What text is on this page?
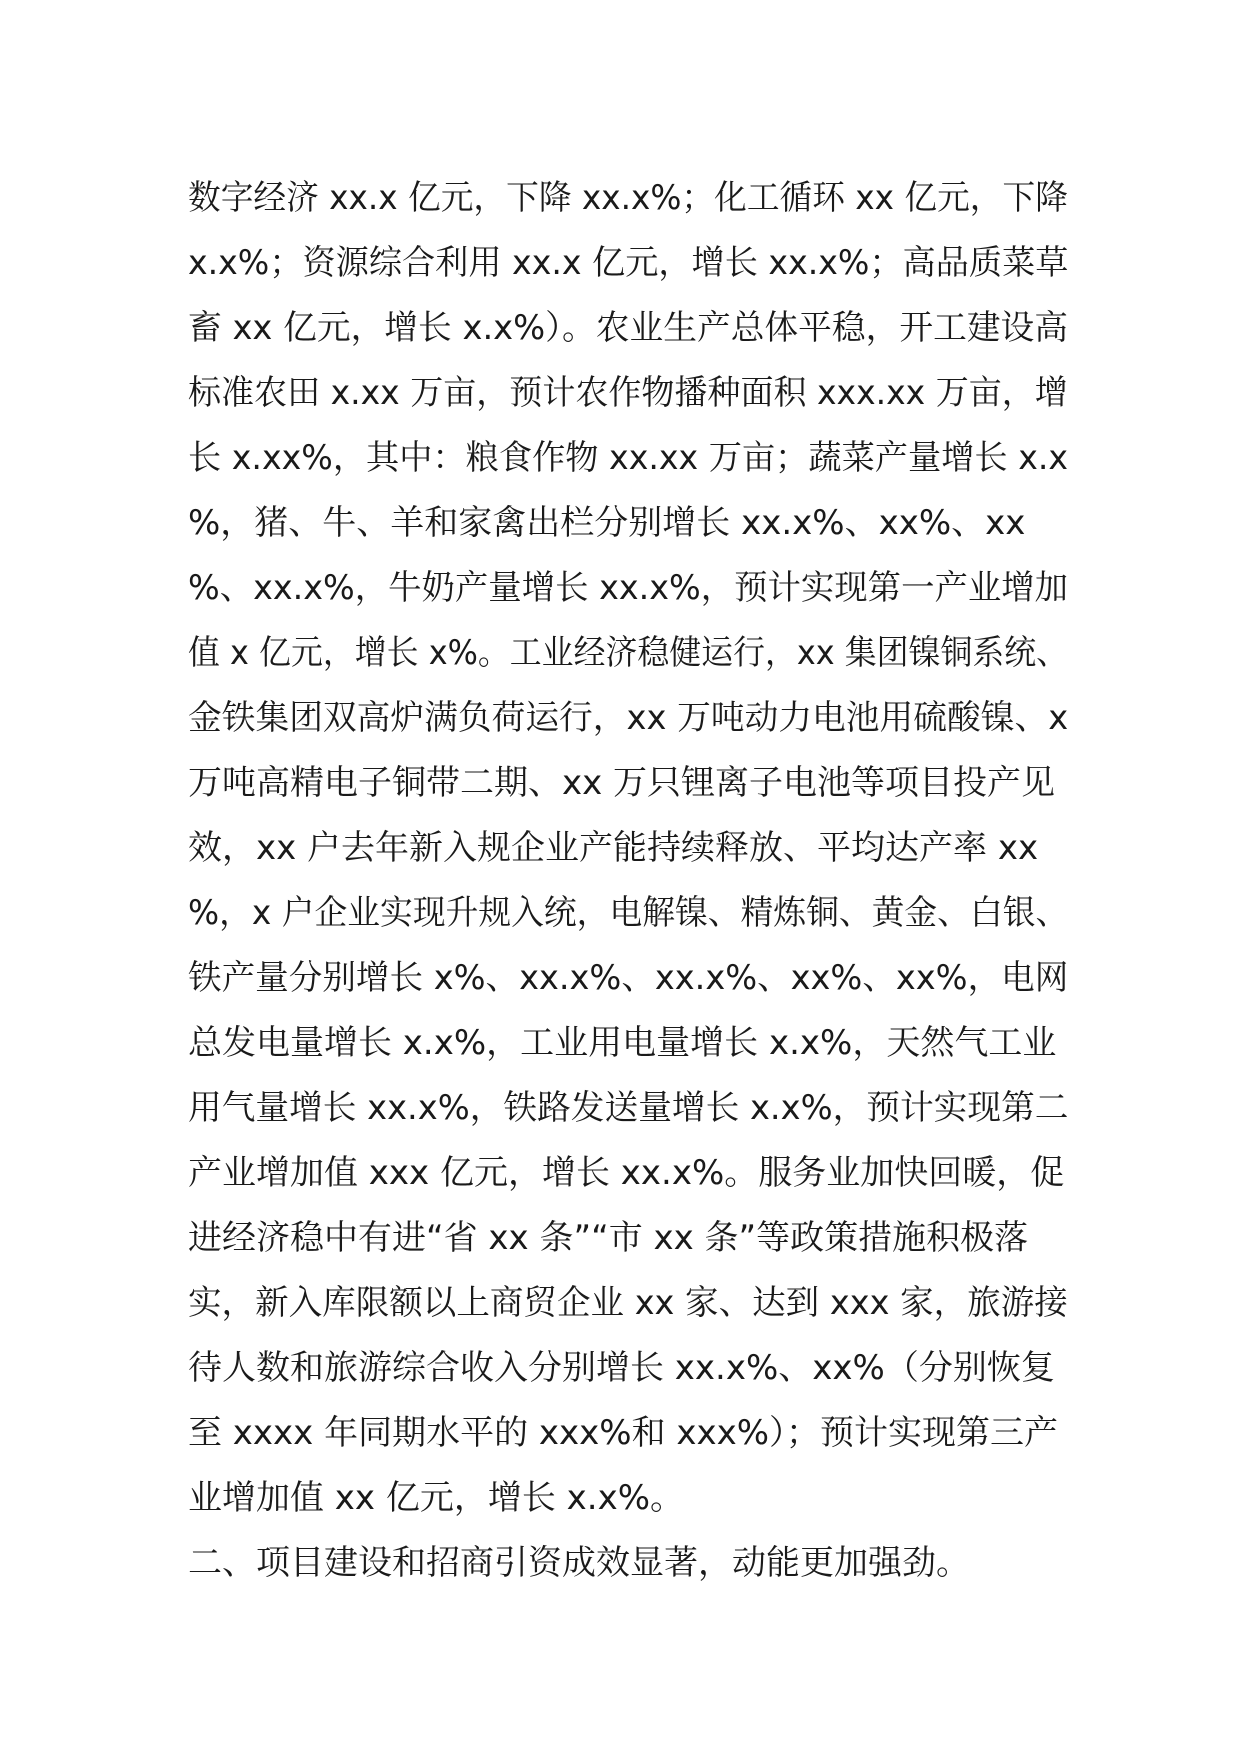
数字经济 xx.x 亿元，下降 xx.x%；化工循环 xx 亿元，下降
x.x%；资源综合利用 xx.x 亿元，增长 xx.x%；高品质菜草
畜 xx 亿元，增长 x.x%）。农业生产总体平稳，开工建设高
标准农田 x.xx 万亩，预计农作物播种面积 xxx.xx 万亩，增
长 x.xx%，其中：粮食作物 xx.xx 万亩；蔬菜产量增长 x.x
%，猪、牛、羊和家禽出栏分别增长 xx.x%、xx%、xx
%、xx.x%，牛奶产量增长 xx.x%，预计实现第一产业增加
值 x 亿元，增长 x%。工业经济稳健运行，xx 集团镍铜系统、
金铁集团双高炉满负荷运行，xx 万吨动力电池用硫酸镍、x
万吨高精电子铜带二期、xx 万只锂离子电池等项目投产见
效，xx 户去年新入规企业产能持续释放、平均达产率 xx
%，x 户企业实现升规入统，电解镍、精炼铜、黄金、白银、
铁产量分别增长 x%、xx.x%、xx.x%、xx%、xx%，电网
总发电量增长 x.x%，工业用电量增长 x.x%，天然气工业
用气量增长 xx.x%，铁路发送量增长 x.x%，预计实现第二
产业增加值 xxx 亿元，增长 xx.x%。服务业加快回暖，促
进经济稳中有进“省 xx 条”“市 xx 条”等政策措施积极落
实，新入库限额以上商贸企业 xx 家、达到 xxx 家，旅游接
待人数和旅游综合收入分别增长 xx.x%、xx%（分别恢复
至 xxxx 年同期水平的 xxx%和 xxx%）；预计实现第三产
业增加值 xx 亿元，增长 x.x%。
二、项目建设和招商引资成效显著，动能更加强劲。
